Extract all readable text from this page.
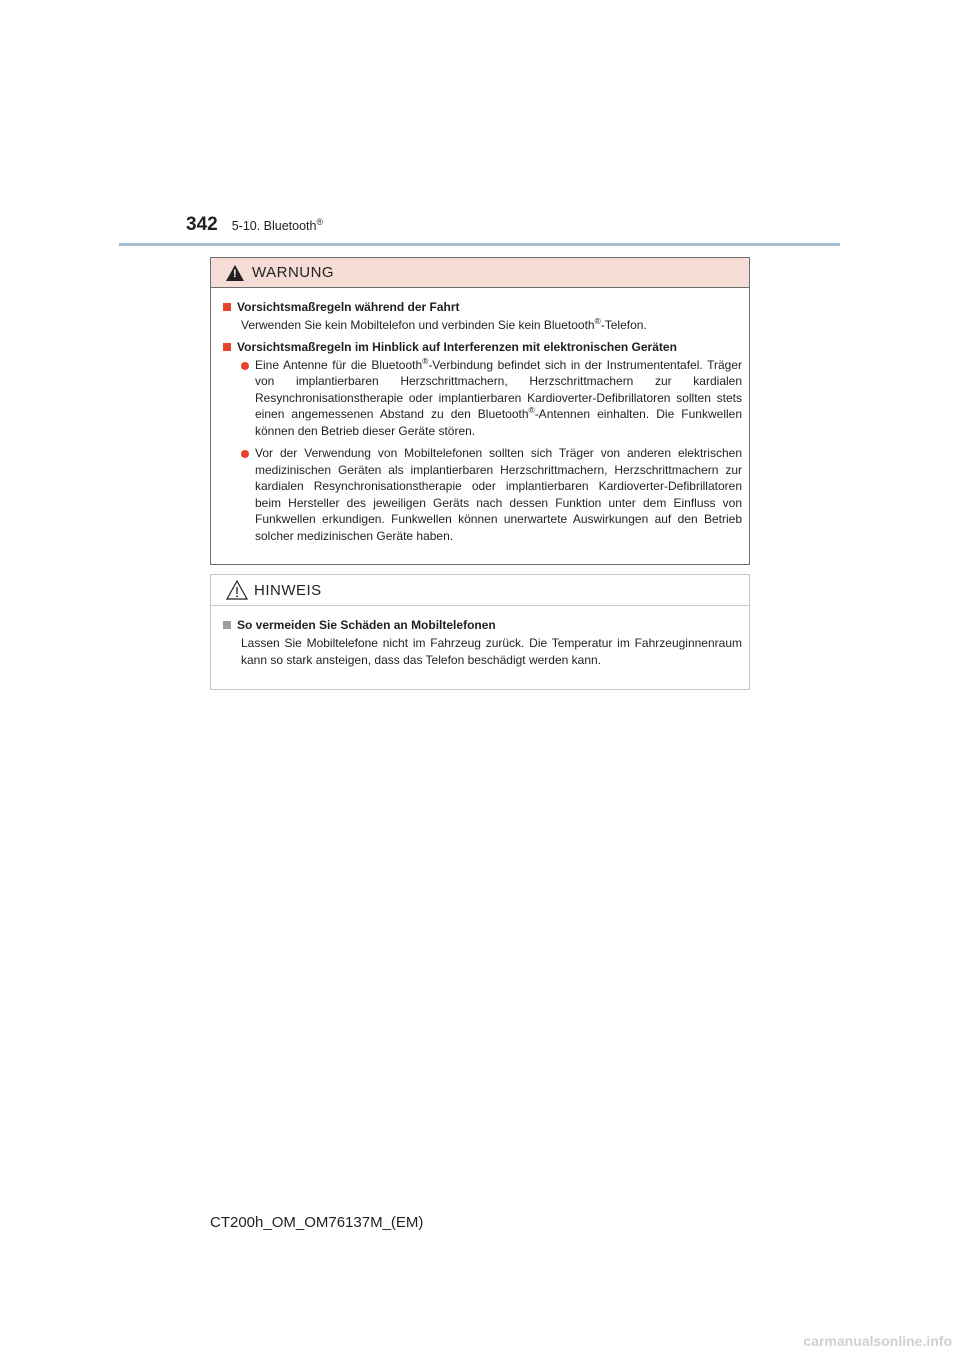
342 5-10. Bluetooth®
!
WARNUNG
Vorsichtsmaßregeln während der Fahrt

Verwenden Sie kein Mobiltelefon und verbinden Sie kein Bluetooth®-Telefon.

Vorsichtsmaßregeln im Hinblick auf Interferenzen mit elektronischen Geräten

Eine Antenne für die Bluetooth®-Verbindung befindet sich in der Instrumententafel. Träger von implantierbaren Herzschrittmachern, Herzschrittmachern zur kardialen Resynchronisationstherapie oder implantierbaren Kardioverter-Defibrillatoren sollten stets einen angemessenen Abstand zu den Bluetooth®-Antennen einhalten. Die Funkwellen können den Betrieb dieser Geräte stören.

Vor der Verwendung von Mobiltelefonen sollten sich Träger von anderen elektrischen medizinischen Geräten als implantierbaren Herzschrittmachern, Herzschrittmachern zur kardialen Resynchronisationstherapie oder implantierbaren Kardioverter-Defibrillatoren beim Hersteller des jeweiligen Geräts nach dessen Funktion unter dem Einfluss von Funkwellen erkundigen. Funkwellen können unerwartete Auswirkungen auf den Betrieb solcher medizinischen Geräte haben.

HINWEIS
So vermeiden Sie Schäden an Mobiltelefonen

Lassen Sie Mobiltelefone nicht im Fahrzeug zurück. Die Temperatur im Fahrzeuginnenraum kann so stark ansteigen, dass das Telefon beschädigt werden kann.

CT200h_OM_OM76137M_(EM)
carmanualsonline.info
